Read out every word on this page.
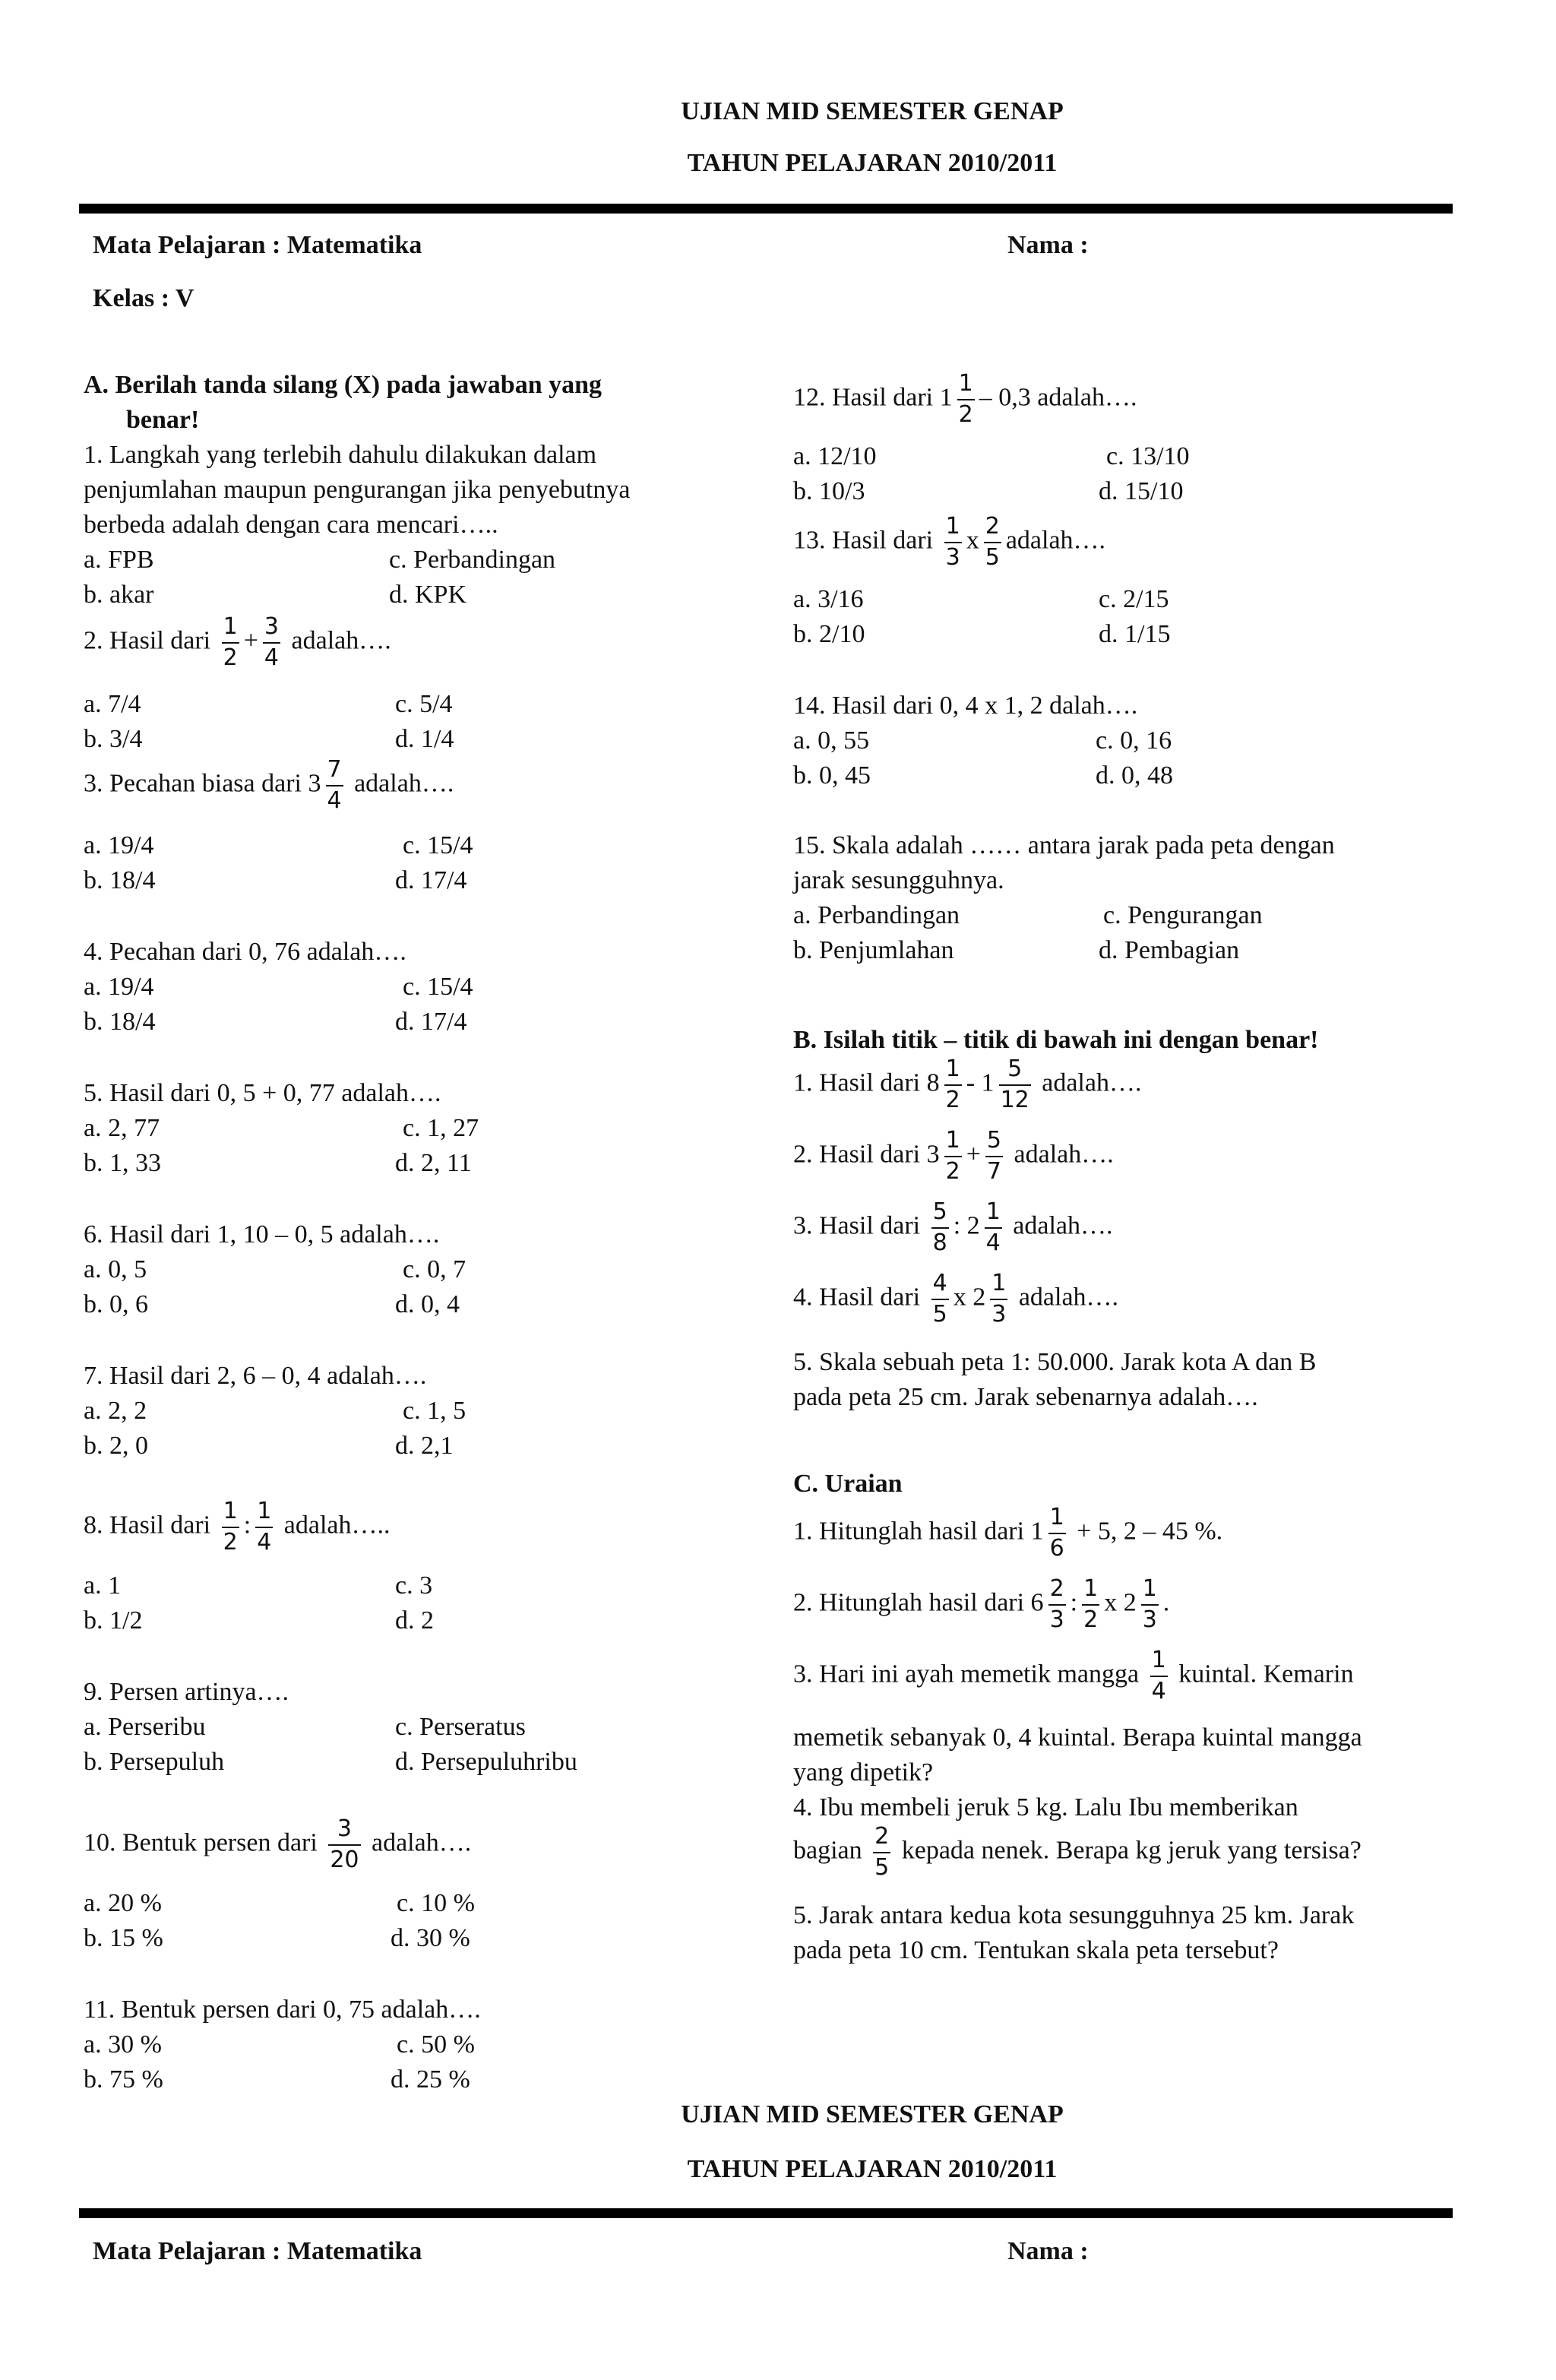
UJIAN MID SEMESTER GENAP
TAHUN PELAJARAN 2010/2011
Mata Pelajaran : Matematika	Nama :
Kelas : V
A. Berilah tanda silang (X) pada jawaban yang
benar!
1. Langkah yang terlebih dahulu dilakukan dalam
penjumlahan maupun pengurangan jika penyebutnya
berbeda adalah dengan cara mencari…..
a. FPB	c. Perbandingan
b. akar	d. KPK
2. Hasil dari $\frac{1}{2} + \frac{3}{4}$ adalah….
a. 7/4	c. 5/4
b. 3/4	d. 1/4
3. Pecahan biasa dari $3 \frac{7}{4}$ adalah….
a. 19/4	c. 15/4
b. 18/4	d. 17/4
4. Pecahan dari 0, 76 adalah….
a. 19/4	c. 15/4
b. 18/4	d. 17/4
5. Hasil dari 0, 5 + 0, 77 adalah….
a. 2, 77	c. 1, 27
b. 1, 33	d. 2, 11
6. Hasil dari 1, 10 – 0, 5 adalah….
a. 0, 5	c. 0, 7
b. 0, 6	d. 0, 4
7. Hasil dari 2, 6 – 0, 4 adalah….
a. 2, 2	c. 1, 5
b. 2, 0	d. 2,1
8. Hasil dari $\frac{1}{2}$ : $\frac{1}{4}$ adalah…..
a. 1	c. 3
b. 1/2	d. 2
9. Persen artinya….
a. Perseribu	c. Perseratus
b. Persepuluh	d. Persepuluhribu
10. Bentuk persen dari $\frac{3}{20}$ adalah….
a. 20 %	c. 10 %
b. 15 %	d. 30 %
11. Bentuk persen dari 0, 75 adalah….
a. 30 %	c. 50 %
b. 75 %	d. 25 %
12. Hasil dari $1 \frac{1}{2} - 0,3$ adalah….
a. 12/10	c. 13/10
b. 10/3	d. 15/10
13. Hasil dari $\frac{1}{3}$ x $\frac{2}{5}$ adalah….
a. 3/16	c. 2/15
b. 2/10	d. 1/15
14. Hasil dari 0, 4 x 1, 2 dalah….
a. 0, 55	c. 0, 16
b. 0, 45	d. 0, 48
15. Skala adalah …… antara jarak pada peta dengan
jarak sesungguhnya.
a. Perbandingan	c. Pengurangan
b. Penjumlahan	d. Pembagian
B. Isilah titik – titik di bawah ini dengan benar!
1. Hasil dari $8 \frac{1}{2} - 1 \frac{5}{12}$ adalah….
2. Hasil dari $3 \frac{1}{2} + \frac{5}{7}$ adalah….
3. Hasil dari $\frac{5}{8}$ : $2 \frac{1}{4}$ adalah….
4. Hasil dari $\frac{4}{5}$ x $2 \frac{1}{3}$ adalah….
5. Skala sebuah peta 1: 50.000. Jarak kota A dan B
pada peta 25 cm. Jarak sebenarnya adalah….
C. Uraian
1. Hitunglah hasil dari $1 \frac{1}{6} + 5$, 2 – 45 %.
2. Hitunglah hasil dari $6 \frac{2}{3}$ : $\frac{1}{2}$ x $2 \frac{1}{3}$ .
3. Hari ini ayah memetik mangga $\frac{1}{4}$ kuintal. Kemarin
memetik sebanyak 0, 4 kuintal. Berapa kuintal mangga
yang dipetik?
4. Ibu membeli jeruk 5 kg. Lalu Ibu memberikan
bagian $\frac{2}{5}$ kepada nenek. Berapa kg jeruk yang tersisa?
5. Jarak antara kedua kota sesungguhnya 25 km. Jarak
pada peta 10 cm. Tentukan skala peta tersebut?
UJIAN MID SEMESTER GENAP
TAHUN PELAJARAN 2010/2011
Mata Pelajaran : Matematika	Nama :
